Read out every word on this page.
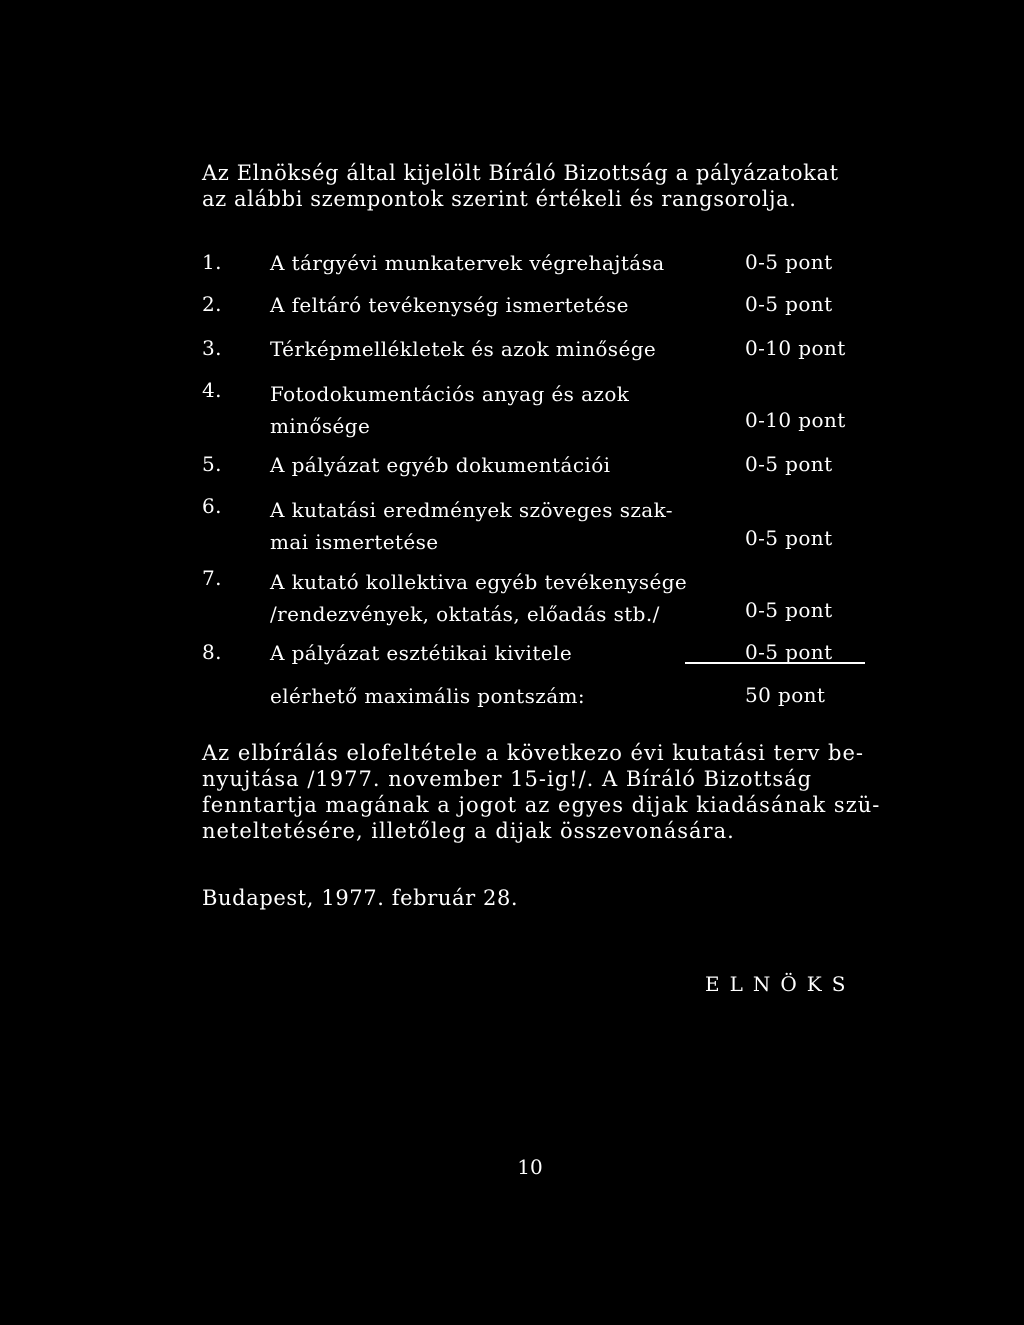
Az Elnökség által kijelölt Bíráló Bizottság a pályázatokat
az alábbi szempontok szerint értékeli és rangsorolja.
1.	A tárgyévi munkatervek végrehajtása	0-5 pont
2.	A feltáró tevékenység ismertetése	0-5 pont
3.	Térképmellékletek és azok minősége	0-10 pont
4.	Fotodokumentációs anyag és azok
minősége	0-10 pont
5.	A pályázat egyéb dokumentációi	0-5 pont
6.	A kutatási eredmények szöveges szak-
mai ismertetése	0-5 pont
7.	A kutató kollektiva egyéb tevékenysége
/rendezvények, oktatás, előadás stb./	0-5 pont
8.	A pályázat esztétikai kivitele	0-5 pont
elérhető maximális pontszám:	50 pont
Az elbírálás elofeltétele a következo évi kutatási terv be-
nyujtása /1977. november 15-ig!/. A Bíráló Bizottság
fenntartja magának a jogot az egyes dijak kiadásának szü-
neteltetésére, illetőleg a dijak összevonására.
Budapest, 1977. február 28.
ELNÖKS
10
